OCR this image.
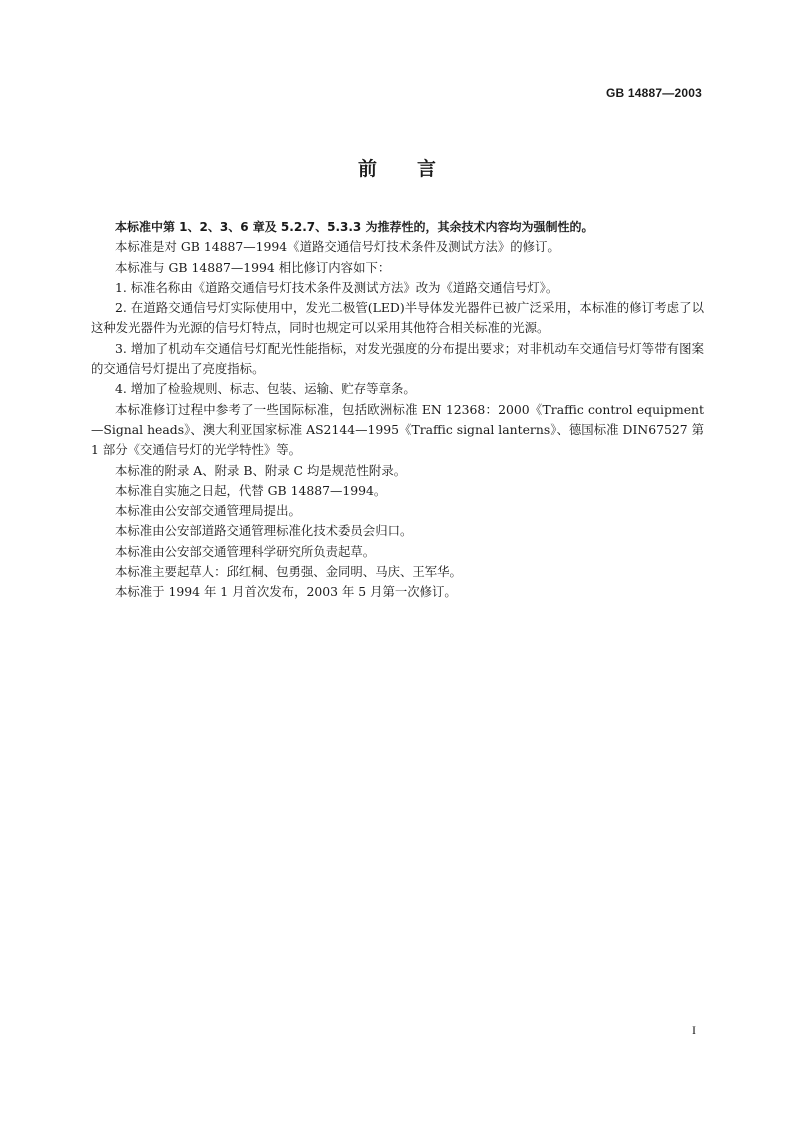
GB 14887—2003
前言

本标准中第 1、2、3、6 章及 5.2.7、5.3.3 为推荐性的，其余技术内容均为强制性的。

本标准是对 GB 14887—1994《道路交通信号灯技术条件及测试方法》的修订。

本标准与 GB 14887—1994 相比修订内容如下：

1. 标准名称由《道路交通信号灯技术条件及测试方法》改为《道路交通信号灯》。

2. 在道路交通信号灯实际使用中，发光二极管(LED)半导体发光器件已被广泛采用，本标准的修订考虑了以这种发光器件为光源的信号灯特点，同时也规定可以采用其他符合相关标准的光源。

3. 增加了机动车交通信号灯配光性能指标，对发光强度的分布提出要求；对非机动车交通信号灯等带有图案的交通信号灯提出了亮度指标。

4. 增加了检验规则、标志、包装、运输、贮存等章条。

本标准修订过程中参考了一些国际标准，包括欧洲标准 EN 12368：2000《Traffic control equipment—Signal heads》、澳大利亚国家标准 AS2144—1995《Traffic signal lanterns》、德国标准 DIN67527 第 1 部分《交通信号灯的光学特性》等。

本标准的附录 A、附录 B、附录 C 均是规范性附录。

本标准自实施之日起，代替 GB 14887—1994。

本标准由公安部交通管理局提出。

本标准由公安部道路交通管理标准化技术委员会归口。

本标准由公安部交通管理科学研究所负责起草。

本标准主要起草人：邱红桐、包勇强、金同明、马庆、王军华。

本标准于 1994 年 1 月首次发布，2003 年 5 月第一次修订。

I
